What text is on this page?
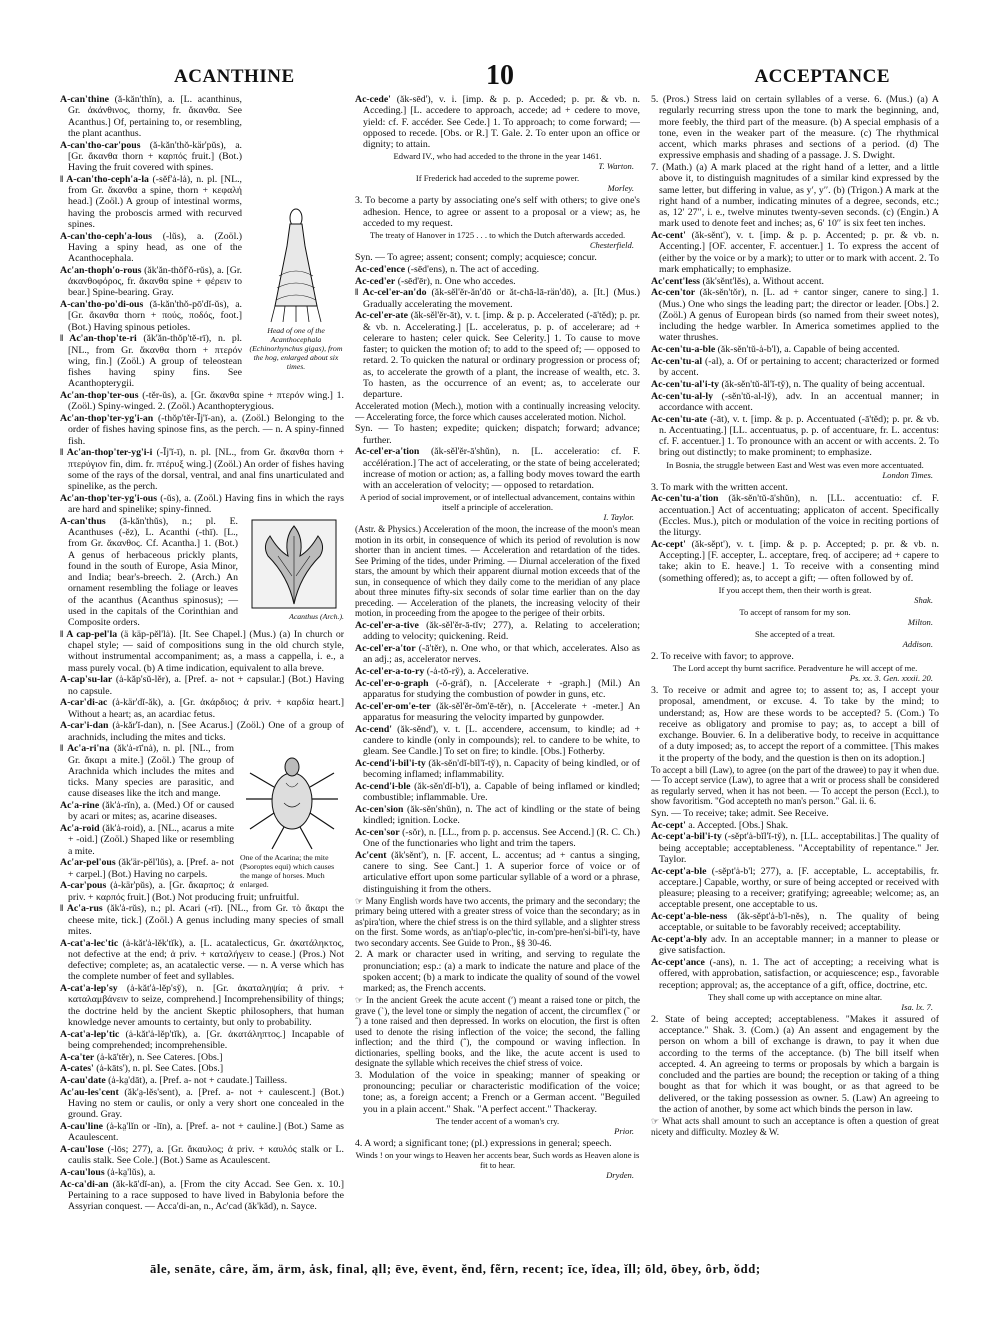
ACANTHINE	10	ACCEPTANCE
Head of one of the Acanthocephala (Echinorhynchus gigas), from the hog, enlarged about six times.
A-can'thine (ă-kăn'thĭn), a. [L. acanthinus, Gr. ἀκάνθινος, thorny, fr. ἄκανθα. See Acanthus.] Of, pertaining to, or resembling, the plant acanthus.
A-can'tho-car'pous (ă-kăn'thŏ-kär'pŭs), a. [Gr. ἄκανθα thorn + καρπός fruit.] (Bot.) Having the fruit covered with spines.
‖ A-can'tho-ceph'a-la (-sĕf'ȧ-lȧ), n. pl. [NL., from Gr. ἄκανθα a spine, thorn + κεφαλή head.] (Zoöl.) A group of intestinal worms, having the proboscis armed with recurved spines.
A-can'tho-ceph'a-lous (-lŭs), a. (Zoöl.) Having a spiny head, as one of the Acanthocephala.
Ac'an-thoph'o-rous (ăk'ăn-thŏf'ŏ-rŭs), a. [Gr. ἀκανθοφόρος, fr. ἄκανθα spine + φέρειν to bear.] Spine-bearing. Gray.
A-can'tho-po'di-ous (ă-kăn'thŏ-pō'dĭ-ŭs), a. [Gr. ἄκανθα thorn + πούς, ποδός, foot.] (Bot.) Having spinous petioles.
‖ Ac'an-thop'te-ri (ăk'ăn-thŏp'tĕ-rī), n. pl. [NL., from Gr. ἄκανθα thorn + πτερόν wing, fin.] (Zoöl.) A group of teleostean fishes having spiny fins. See Acanthopterygii.
Ac'an-thop'ter-ous (-tĕr-ŭs), a. [Gr. ἄκανθα spine + πτερόν wing.] 1. (Zoöl.) Spiny-winged. 2. (Zoöl.) Acanthopterygious.
Ac'an-thop'ter-yg'i-an (-thŏp'tĕr-Ĭj'ĭ-an), a. (Zoöl.) Belonging to the order of fishes having spinose fins, as the perch. — n. A spiny-finned fish.
‖ Ac'an-thop'ter-yg'i-i (-Ĭj'ĭ-ī), n. pl. [NL., from Gr. ἄκανθα thorn + πτερύγιον fin, dim. fr. πτέρυξ wing.] (Zoöl.) An order of fishes having some of the rays of the dorsal, ventral, and anal fins unarticulated and spinelike, as the perch.
Ac'an-thop'ter-yg'i-ous (-ŭs), a. (Zoöl.) Having fins in which the rays are hard and spinelike; spiny-finned.
Acanthus (Arch.).
A-can'thus (ă-kăn'thŭs), n.; pl. E. Acanthuses (-ĕz), L. Acanthi (-thī). [L., from Gr. ἄκανθος. Cf. Acantha.] 1. (Bot.) A genus of herbaceous prickly plants, found in the south of Europe, Asia Minor, and India; bear's-breech. 2. (Arch.) An ornament resembling the foliage or leaves of the acanthus (Acanthus spinosus); — used in the capitals of the Corinthian and Composite orders.
‖ A cap-pel'la (ä käp-pĕl'lȧ). [It. See Chapel.] (Mus.) (a) In church or chapel style; — said of compositions sung in the old church style, without instrumental accompaniment; as, a mass a cappella, i. e., a mass purely vocal. (b) A time indication, equivalent to alla breve.
A-cap'su-lar (ȧ-kăp'sŭ-lĕr), a. [Pref. a- not + capsular.] (Bot.) Having no capsule.
A-car'di-ac (ȧ-kär'dĭ-ăk), a. [Gr. ἀκάρδιος; ἀ priv. + καρδία heart.] Without a heart; as, an acardiac fetus.
A-car'i-dan (ȧ-kăr'ĭ-dan), n. [See Acarus.] (Zoöl.) One of a group of arachnids, including the mites and ticks.
One of the Acarina; the mite (Psoroptes equi) which causes the mange of horses. Much enlarged.
‖ Ac'a-ri'na (ăk'ȧ-rī'nȧ), n. pl. [NL., from Gr. ἄκαρι a mite.] (Zoöl.) The group of Arachnida which includes the mites and ticks. Many species are parasitic, and cause diseases like the itch and mange.
Ac'a-rine (ăk'ȧ-rĭn), a. (Med.) Of or caused by acari or mites; as, acarine diseases.
Ac'a-roid (ăk'ȧ-roid), a. [NL., acarus a mite + -oid.] (Zoöl.) Shaped like or resembling a mite.
Ac'ar-pel'ous (ăk'är-pĕl'lŭs), a. [Pref. a- not + carpel.] (Bot.) Having no carpels.
A-car'pous (ȧ-kär'pŭs), a. [Gr. ἄκαρπος; ἀ priv. + καρπός fruit.] (Bot.) Not producing fruit; unfruitful.
‖ Ac'a-rus (ăk'ȧ-rŭs), n.; pl. Acari (-rī). [NL., from Gr. τὸ ἄκαρι the cheese mite, tick.] (Zoöl.) A genus including many species of small mites.
A-cat'a-lec'tic (ȧ-kăt'ȧ-lĕk'tĭk), a. [L. acatalecticus, Gr. ἀκατάληκτος, not defective at the end; ἀ priv. + καταλήγειν to cease.] (Pros.) Not defective; complete; as, an acatalectic verse. — n. A verse which has the complete number of feet and syllables.
A-cat'a-lep'sy (ȧ-kăt'ȧ-lĕp'sy̆), n. [Gr. ἀκαταληψία; ἀ priv. + καταλαμβάνειν to seize, comprehend.] Incomprehensibility of things; the doctrine held by the ancient Skeptic philosophers, that human knowledge never amounts to certainty, but only to probability.
A-cat'a-lep'tic (ȧ-kăt'ȧ-lĕp'tĭk), a. [Gr. ἀκατάληπτος.] Incapable of being comprehended; incomprehensible.
A-ca'ter (ȧ-kā'tĕr), n. See Cateres. [Obs.]
A-cates' (ȧ-kāts'), n. pl. See Cates. [Obs.]
A-cau'date (ȧ-ka̤'dāt), a. [Pref. a- not + caudate.] Tailless.
Ac'au-les'cent (ăk'a̤-lĕs'sent), a. [Pref. a- not + caulescent.] (Bot.) Having no stem or caulis, or only a very short one concealed in the ground. Gray.
A-cau'line (ȧ-ka̤'lĭn or -līn), a. [Pref. a- not + cauline.] (Bot.) Same as Acaulescent.
A-cau'lose (-lōs; 277), a. [Gr. ἄκαυλος; ἀ priv. + καυλός stalk or L. caulis stalk. See Cole.] (Bot.) Same as Acaulescent.
A-cau'lous (ȧ-ka̤'lŭs), a.
Ac-ca'di-an (ăk-kā'dĭ-an), a. [From the city Accad. See Gen. x. 10.] Pertaining to a race supposed to have lived in Babylonia before the Assyrian conquest. — Acca'di-an, n., Ac'cad (ăk'kăd), n. Sayce.
Ac-cede' (ăk-sēd'), v. i. [imp. & p. p. Acceded; p. pr. & vb. n. Acceding.] [L. accedere to approach, accede; ad + cedere to move, yield: cf. F. accéder. See Cede.] 1. To approach; to come forward; — opposed to recede. [Obs. or R.] T. Gale. 2. To enter upon an office or dignity; to attain.
Edward IV., who had acceded to the throne in the year 1461.
T. Warton.
If Frederick had acceded to the supreme power.
Morley.
3. To become a party by associating one's self with others; to give one's adhesion. Hence, to agree or assent to a proposal or a view; as, he acceded to my request.
The treaty of Hanover in 1725 . . . to which the Dutch afterwards acceded.
Chesterfield.
Syn. — To agree; assent; consent; comply; acquiesce; concur.
Ac-ced'ence (-sēd'ens), n. The act of acceding.
Ac-ced'er (-sēd'ēr), n. One who accedes.
‖ Ac-cel'er-an'do (ăk-sĕl'ĕr-ăn'dō or ăt-chā-lā-rän'dō), a. [It.] (Mus.) Gradually accelerating the movement.
Ac-cel'er-ate (ăk-sĕl'ĕr-āt), v. t. [imp. & p. p. Accelerated (-ā'tĕd); p. pr. & vb. n. Accelerating.] [L. acceleratus, p. p. of accelerare; ad + celerare to hasten; celer quick. See Celerity.] 1. To cause to move faster; to quicken the motion of; to add to the speed of; — opposed to retard. 2. To quicken the natural or ordinary progression or process of; as, to accelerate the growth of a plant, the increase of wealth, etc. 3. To hasten, as the occurrence of an event; as, to accelerate our departure.
Accelerated motion (Mech.), motion with a continually increasing velocity. — Accelerating force, the force which causes accelerated motion. Nichol.
Syn. — To hasten; expedite; quicken; dispatch; forward; advance; further.
Ac-cel'er-a'tion (ăk-sĕl'ĕr-ā'shŭn), n. [L. acceleratio: cf. F. accélération.] The act of accelerating, or the state of being accelerated; increase of motion or action; as, a falling body moves toward the earth with an acceleration of velocity; — opposed to retardation.
A period of social improvement, or of intellectual advancement, contains within itself a principle of acceleration.
I. Taylor.
(Astr. & Physics.) Acceleration of the moon, the increase of the moon's mean motion in its orbit, in consequence of which its period of revolution is now shorter than in ancient times. — Acceleration and retardation of the tides. See Priming of the tides, under Priming. — Diurnal acceleration of the fixed stars, the amount by which their apparent diurnal motion exceeds that of the sun, in consequence of which they daily come to the meridian of any place about three minutes fifty-six seconds of solar time earlier than on the day preceding. — Acceleration of the planets, the increasing velocity of their motion, in proceeding from the apogee to the perigee of their orbits.
Ac-cel'er-a-tive (ăk-sĕl'ĕr-ā-tĭv; 277), a. Relating to acceleration; adding to velocity; quickening. Reid.
Ac-cel'er-a'tor (-ā'tĕr), n. One who, or that which, accelerates. Also as an adj.; as, accelerator nerves.
Ac-cel'er-a-to-ry (-ȧ-tŏ-ry̆), a. Accelerative.
Ac-cel'er-o-graph (-ŏ-grȧf), n. [Accelerate + -graph.] (Mil.) An apparatus for studying the combustion of powder in guns, etc.
Ac-cel'er-om'e-ter (ăk-sĕl'ĕr-ŏm'ē-tĕr), n. [Accelerate + -meter.] An apparatus for measuring the velocity imparted by gunpowder.
Ac-cend' (ăk-sĕnd'), v. t. [L. accendere, accensum, to kindle; ad + candere to kindle (only in compounds); rel. to candere to be white, to gleam. See Candle.] To set on fire; to kindle. [Obs.] Fotherby.
Ac-cend'i-bil'i-ty (ăk-sĕn'dĭ-bĭl'ĭ-ty̆), n. Capacity of being kindled, or of becoming inflamed; inflammability.
Ac-cend'i-ble (ăk-sĕn'dĭ-b'l), a. Capable of being inflamed or kindled; combustible; inflammable. Ure.
Ac-cen'sion (ăk-sĕn'shŭn), n. The act of kindling or the state of being kindled; ignition. Locke.
Ac-cen'sor (-sŏr), n. [LL., from p. p. accensus. See Accend.] (R. C. Ch.) One of the functionaries who light and trim the tapers.
Ac'cent (ăk'sĕnt'), n. [F. accent, L. accentus; ad + cantus a singing, canere to sing. See Cant.] 1. A superior force of voice or of articulative effort upon some particular syllable of a word or a phrase, distinguishing it from the others.
☞ Many English words have two accents, the primary and the secondary; the primary being uttered with a greater stress of voice than the secondary; as in as'pira'tion, where the chief stress is on the third syllable, and a slighter stress on the first. Some words, as an'tiap'o-plec'tic, in-com'pre-hen'si-bil'i-ty, have two secondary accents. See Guide to Pron., §§ 30-46.
2. A mark or character used in writing, and serving to regulate the pronunciation; esp.: (a) a mark to indicate the nature and place of the spoken accent; (b) a mark to indicate the quality of sound of the vowel marked; as, the French accents.
☞ In the ancient Greek the acute accent (ʹ) meant a raised tone or pitch, the grave (ˋ), the level tone or simply the negation of accent, the circumflex (˜ or ˆ) a tone raised and then depressed. In works on elocution, the first is often used to denote the rising inflection of the voice; the second, the falling inflection; and the third (ˆ), the compound or waving inflection. In dictionaries, spelling books, and the like, the acute accent is used to designate the syllable which receives the chief stress of voice.
3. Modulation of the voice in speaking; manner of speaking or pronouncing; peculiar or characteristic modification of the voice; tone; as, a foreign accent; a French or a German accent. "Beguiled you in a plain accent." Shak. "A perfect accent." Thackeray.
The tender accent of a woman's cry.
Prior.
4. A word; a significant tone; (pl.) expressions in general; speech.
Winds ! on your wings to Heaven her accents bear, Such words as Heaven alone is fit to hear.
Dryden.
5. (Pros.) Stress laid on certain syllables of a verse. 6. (Mus.) (a) A regularly recurring stress upon the tone to mark the beginning, and, more feebly, the third part of the measure. (b) A special emphasis of a tone, even in the weaker part of the measure. (c) The rhythmical accent, which marks phrases and sections of a period. (d) The expressive emphasis and shading of a passage. J. S. Dwight.
7. (Math.) (a) A mark placed at the right hand of a letter, and a little above it, to distinguish magnitudes of a similar kind expressed by the same letter, but differing in value, as y′, y′′. (b) (Trigon.) A mark at the right hand of a number, indicating minutes of a degree, seconds, etc.; as, 12′ 27′′, i. e., twelve minutes twenty-seven seconds. (c) (Engin.) A mark used to denote feet and inches; as, 6′ 10′′ is six feet ten inches.
Ac-cent' (ăk-sĕnt'), v. t. [imp. & p. p. Accented; p. pr. & vb. n. Accenting.] [OF. accenter, F. accentuer.] 1. To express the accent of (either by the voice or by a mark); to utter or to mark with accent. 2. To mark emphatically; to emphasize.
Ac'cent'less (ăk'sĕnt'lĕs), a. Without accent.
Ac-cen'tor (ăk-sĕn'tŏr), n. [L. ad + cantor singer, canere to sing.] 1. (Mus.) One who sings the leading part; the director or leader. [Obs.] 2. (Zoöl.) A genus of European birds (so named from their sweet notes), including the hedge warbler. In America sometimes applied to the water thrushes.
Ac-cen'tu-a-ble (ăk-sĕn'tŭ-ȧ-b'l), a. Capable of being accented.
Ac-cen'tu-al (-al), a. Of or pertaining to accent; characterized or formed by accent.
Ac-cen'tu-al'i-ty (ăk-sĕn'tŭ-ăl'ĭ-ty̆), n. The quality of being accentual.
Ac-cen'tu-al-ly (-sĕn'tŭ-al-ly̆), adv. In an accentual manner; in accordance with accent.
Ac-cen'tu-ate (-āt), v. t. [imp. & p. p. Accentuated (-ā'tĕd); p. pr. & vb. n. Accentuating.] [LL. accentuatus, p. p. of accentuare, fr. L. accentus: cf. F. accentuer.] 1. To pronounce with an accent or with accents. 2. To bring out distinctly; to make prominent; to emphasize.
In Bosnia, the struggle between East and West was even more accentuated.
London Times.
3. To mark with the written accent.
Ac-cen'tu-a'tion (ăk-sĕn'tŭ-ā'shŭn), n. [LL. accentuatio: cf. F. accentuation.] Act of accentuating; applicaton of accent. Specifically (Eccles. Mus.), pitch or modulation of the voice in reciting portions of the liturgy.
Ac-cept' (ăk-sĕpt'), v. t. [imp. & p. p. Accepted; p. pr. & vb. n. Accepting.] [F. accepter, L. acceptare, freq. of accipere; ad + capere to take; akin to E. heave.] 1. To receive with a consenting mind (something offered); as, to accept a gift; — often followed by of.
If you accept them, then their worth is great.
Shak.
To accept of ransom for my son.
Milton.
She accepted of a treat.
Addison.
2. To receive with favor; to approve.
The Lord accept thy burnt sacrifice. Peradventure he will accept of me.
Ps. xx. 3. Gen. xxxii. 20.
3. To receive or admit and agree to; to assent to; as, I accept your proposal, amendment, or excuse. 4. To take by the mind; to understand; as, How are these words to be accepted? 5. (Com.) To receive as obligatory and promise to pay; as, to accept a bill of exchange. Bouvier. 6. In a deliberative body, to receive in acquittance of a duty imposed; as, to accept the report of a committee. [This makes it the property of the body, and the question is then on its adoption.]
To accept a bill (Law), to agree (on the part of the drawee) to pay it when due. — To accept service (Law), to agree that a writ or process shall be considered as regularly served, when it has not been. — To accept the person (Eccl.), to show favoritism. "God accepteth no man's person." Gal. ii. 6.
Syn. — To receive; take; admit. See Receive.
Ac-cept' a. Accepted. [Obs.] Shak.
Ac-cept'a-bil'i-ty (-sĕpt'ȧ-bĭl'ĭ-ty̆), n. [LL. acceptabilitas.] The quality of being acceptable; acceptableness. "Acceptability of repentance." Jer. Taylor.
Ac-cept'a-ble (-sĕpt'ȧ-b'l; 277), a. [F. acceptable, L. acceptabilis, fr. acceptare.] Capable, worthy, or sure of being accepted or received with pleasure; pleasing to a receiver; gratifying; agreeable; welcome; as, an acceptable present, one acceptable to us.
Ac-cept'a-ble-ness (ăk-sĕpt'ȧ-b'l-nĕs), n. The quality of being acceptable, or suitable to be favorably received; acceptability.
Ac-cept'a-bly adv. In an acceptable manner; in a manner to please or give satisfaction.
Ac-cept'ance (-ans), n. 1. The act of accepting; a receiving what is offered, with approbation, satisfaction, or acquiescence; esp., favorable reception; approval; as, the acceptance of a gift, office, doctrine, etc.
They shall come up with acceptance on mine altar.
Isa. lx. 7.
2. State of being accepted; acceptableness. "Makes it assured of acceptance." Shak. 3. (Com.) (a) An assent and engagement by the person on whom a bill of exchange is drawn, to pay it when due according to the terms of the acceptance. (b) The bill itself when accepted. 4. An agreeing to terms or proposals by which a bargain is concluded and the parties are bound; the reception or taking of a thing bought as that for which it was bought, or as that agreed to be delivered, or the taking possession as owner. 5. (Law) An agreeing to the action of another, by some act which binds the person in law.
☞ What acts shall amount to such an acceptance is often a question of great nicety and difficulty. Mozley & W.
āle, senāte, câre, ăm, ärm, ȧsk, final, ąll; ēve, ēvent, ĕnd, fẽrn, recent; īce, ĭdea, ĭll; ōld, ōbey, ôrb, ŏdd;
